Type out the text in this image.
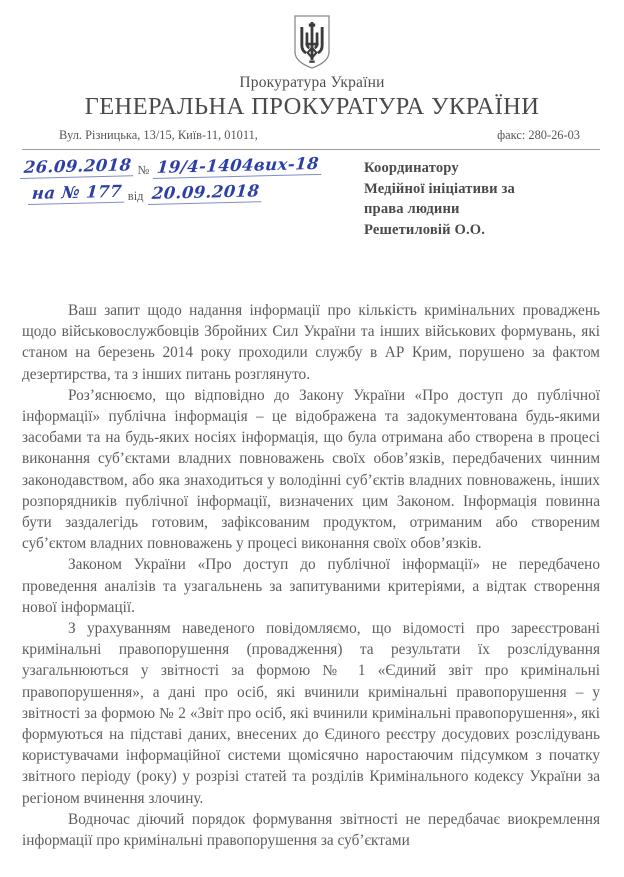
Прокуратура України
ГЕНЕРАЛЬНА ПРОКУРАТУРА УКРАЇНИ
Вул. Різницька, 13/15, Київ-11, 01011,	факс: 280-26-03
26.09.2018 № 19/4-1404вих-18
на № 177 від 20.09.2018
Координатору
Медійної ініціативи за
права людини
Решетиловій О.О.

Ваш запит щодо надання інформації про кількість кримінальних проваджень щодо військовослужбовців Збройних Сил України та інших військових формувань, які станом на березень 2014 року проходили службу в АР Крим, порушено за фактом дезертирства, та з інших питань розглянуто.

Роз’яснюємо, що відповідно до Закону України «Про доступ до публічної інформації» публічна інформація – це відображена та задокументована будь-якими засобами та на будь-яких носіях інформація, що була отримана або створена в процесі виконання суб’єктами владних повноважень своїх обов’язків, передбачених чинним законодавством, або яка знаходиться у володінні суб’єктів владних повноважень, інших розпорядників публічної інформації, визначених цим Законом. Інформація повинна бути заздалегідь готовим, зафіксованим продуктом, отриманим або створеним суб’єктом владних повноважень у процесі виконання своїх обов’язків.

Законом України «Про доступ до публічної інформації» не передбачено проведення аналізів та узагальнень за запитуваними критеріями, а відтак створення нової інформації.

З урахуванням наведеного повідомляємо, що відомості про зареєстровані кримінальні правопорушення (провадження) та результати їх розслідування узагальнюються у звітності за формою № 1 «Єдиний звіт про кримінальні правопорушення», а дані про осіб, які вчинили кримінальні правопорушення – у звітності за формою № 2 «Звіт про осіб, які вчинили кримінальні правопорушення», які формуються на підставі даних, внесених до Єдиного реєстру досудових розслідувань користувачами інформаційної системи щомісячно наростаючим підсумком з початку звітного періоду (року) у розрізі статей та розділів Кримінального кодексу України за регіоном вчинення злочину.

Водночас діючий порядок формування звітності не передбачає виокремлення інформації про кримінальні правопорушення за суб’єктами
